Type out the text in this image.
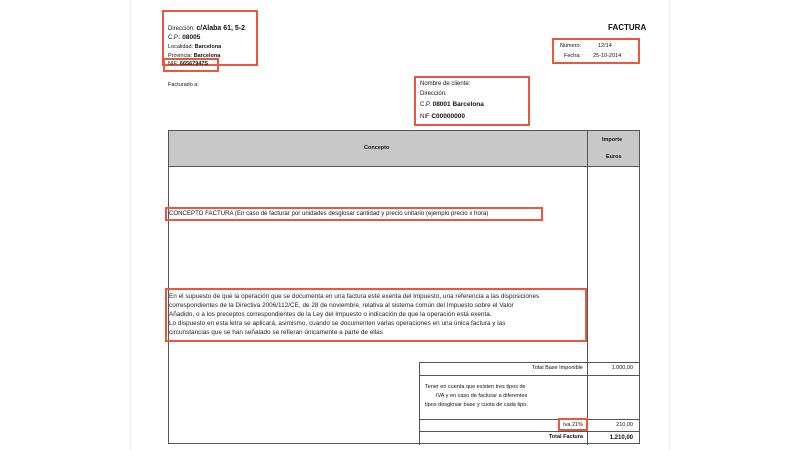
Dirección: c/Alaba 61, 5-2
C.P.: 08005
Localidad: Barcelona
Provincia: Barcelona
NIF: 66567947S
FACTURA
Número:	12/14
Fecha: 25-10-2014
Facturado a:	Nombre de cliente:
Dirección:
C.P. 08001 Barcelona
NIF C00000000
Concepto
Importe
Euros
Total Base Imponible	1.000,00
Tener en cuenta que existen tres tipos de
IVA y en caso de facturar a diferentes
tipos desglosar base y cuota de cada tipo.
Iva 21%	210,00
Total Factura	1.210,00
CONCEPTO FACTURA (En caso de facturar por unidades desglosar cantidad y precio unitario (ejemplo precio x hora)
En el supuesto de que la operación que se documenta en una factura esté exenta del Impuesto, una referencia a las disposiciones
correspondientes de la Directiva 2006/112/CE, de 28 de noviembre, relativa al sistema común del Impuesto sobre el Valor
Añadido, o a los preceptos correspondientes de la Ley del Impuesto o indicación de que la operación está exenta.
Lo dispuesto en esta letra se aplicará, asimismo, cuando se documenten varias operaciones en una única factura y las
circunstancias que se han señalado se refieran únicamente a parte de ellas
